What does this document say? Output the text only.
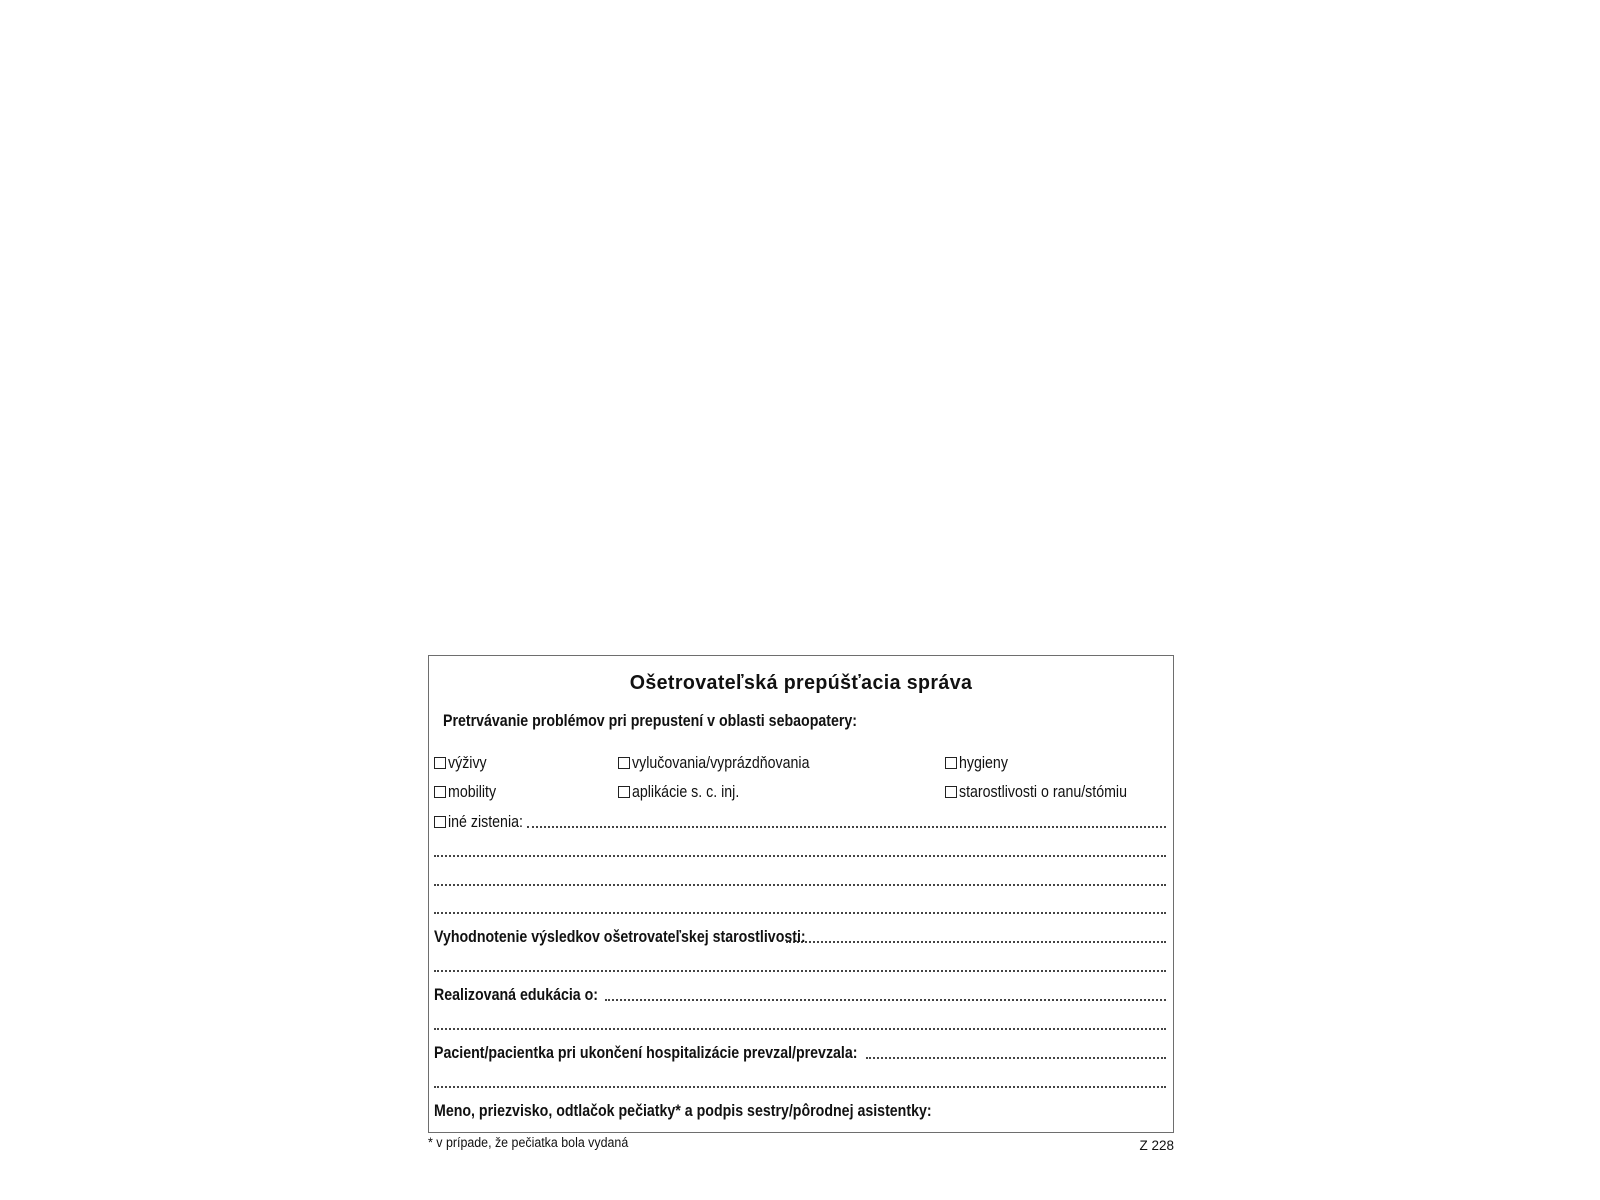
Ošetrovateľská prepúšťacia správa
Pretrvávanie problémov pri prepustení v oblasti sebaopatery:
výživy	vylučovania/vyprázdňovania	hygieny
mobility	aplikácie s. c. inj.	starostlivosti o ranu/stómiu
iné zistenia:
Vyhodnotenie výsledkov ošetrovateľskej starostlivosti:
Realizovaná edukácia o:
Pacient/pacientka pri ukončení hospitalizácie prevzal/prevzala:
Meno, priezvisko, odtlačok pečiatky* a podpis sestry/pôrodnej asistentky:
* v prípade, že pečiatka bola vydaná	Z 228
